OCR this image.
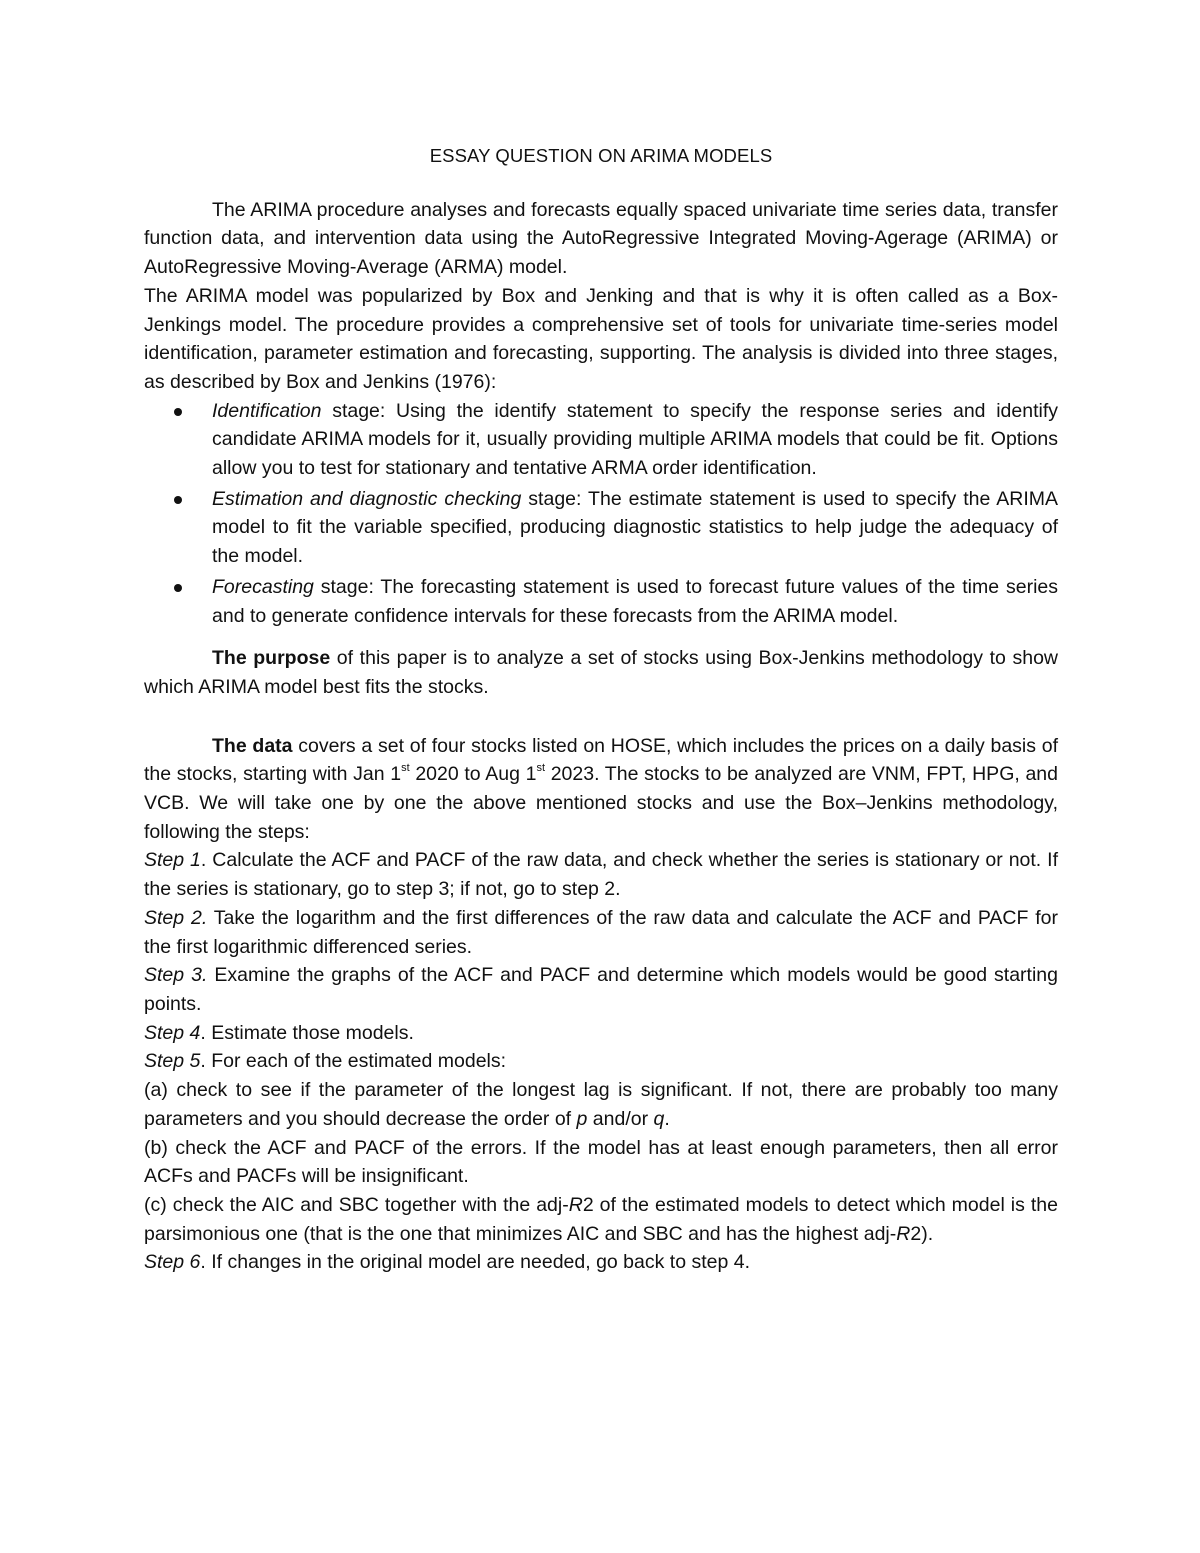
ESSAY QUESTION ON ARIMA MODELS

The ARIMA procedure analyses and forecasts equally spaced univariate time series data, transfer function data, and intervention data using the AutoRegressive Integrated Moving-Agerage (ARIMA) or AutoRegressive Moving-Average (ARMA) model.

The ARIMA model was popularized by Box and Jenking and that is why it is often called as a Box-Jenkings model. The procedure provides a comprehensive set of tools for univariate time-series model identification, parameter estimation and forecasting, supporting. The analysis is divided into three stages, as described by Box and Jenkins (1976):

Identification stage: Using the identify statement to specify the response series and identify candidate ARIMA models for it, usually providing multiple ARIMA models that could be fit. Options allow you to test for stationary and tentative ARMA order identification.
Estimation and diagnostic checking stage: The estimate statement is used to specify the ARIMA model to fit the variable specified, producing diagnostic statistics to help judge the adequacy of the model.
Forecasting stage: The forecasting statement is used to forecast future values of the time series and to generate confidence intervals for these forecasts from the ARIMA model.

The purpose of this paper is to analyze a set of stocks using Box-Jenkins methodology to show which ARIMA model best fits the stocks.

The data covers a set of four stocks listed on HOSE, which includes the prices on a daily basis of the stocks, starting with Jan 1st 2020 to Aug 1st 2023. The stocks to be analyzed are VNM, FPT, HPG, and VCB. We will take one by one the above mentioned stocks and use the Box–Jenkins methodology, following the steps:

Step 1. Calculate the ACF and PACF of the raw data, and check whether the series is stationary or not. If the series is stationary, go to step 3; if not, go to step 2.

Step 2. Take the logarithm and the first differences of the raw data and calculate the ACF and PACF for the first logarithmic differenced series.

Step 3. Examine the graphs of the ACF and PACF and determine which models would be good starting points.

Step 4. Estimate those models.

Step 5. For each of the estimated models:

(a) check to see if the parameter of the longest lag is significant. If not, there are probably too many parameters and you should decrease the order of p and/or q.

(b) check the ACF and PACF of the errors. If the model has at least enough parameters, then all error ACFs and PACFs will be insignificant.

(c) check the AIC and SBC together with the adj-R2 of the estimated models to detect which model is the parsimonious one (that is the one that minimizes AIC and SBC and has the highest adj-R2).

Step 6. If changes in the original model are needed, go back to step 4.
